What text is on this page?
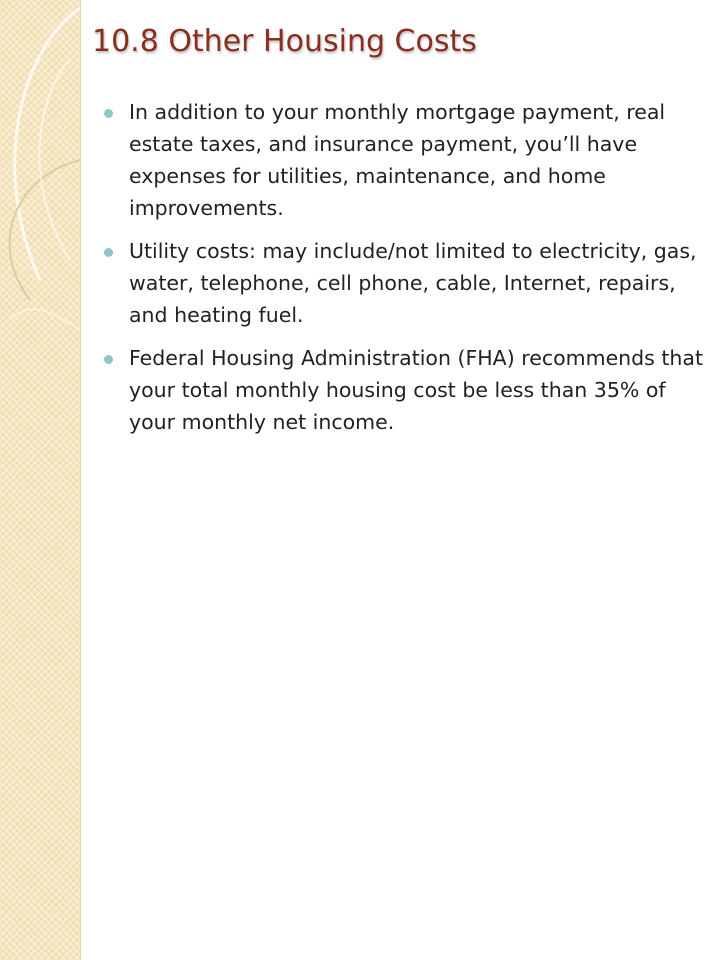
10.8 Other Housing Costs
In addition to your monthly mortgage payment, real estate taxes, and insurance payment, you’ll have expenses for utilities, maintenance, and home improvements.
Utility costs: may include/not limited to electricity, gas, water, telephone, cell phone, cable, Internet, repairs, and heating fuel.
Federal Housing Administration (FHA) recommends that your total monthly housing cost be less than 35% of your monthly net income.
